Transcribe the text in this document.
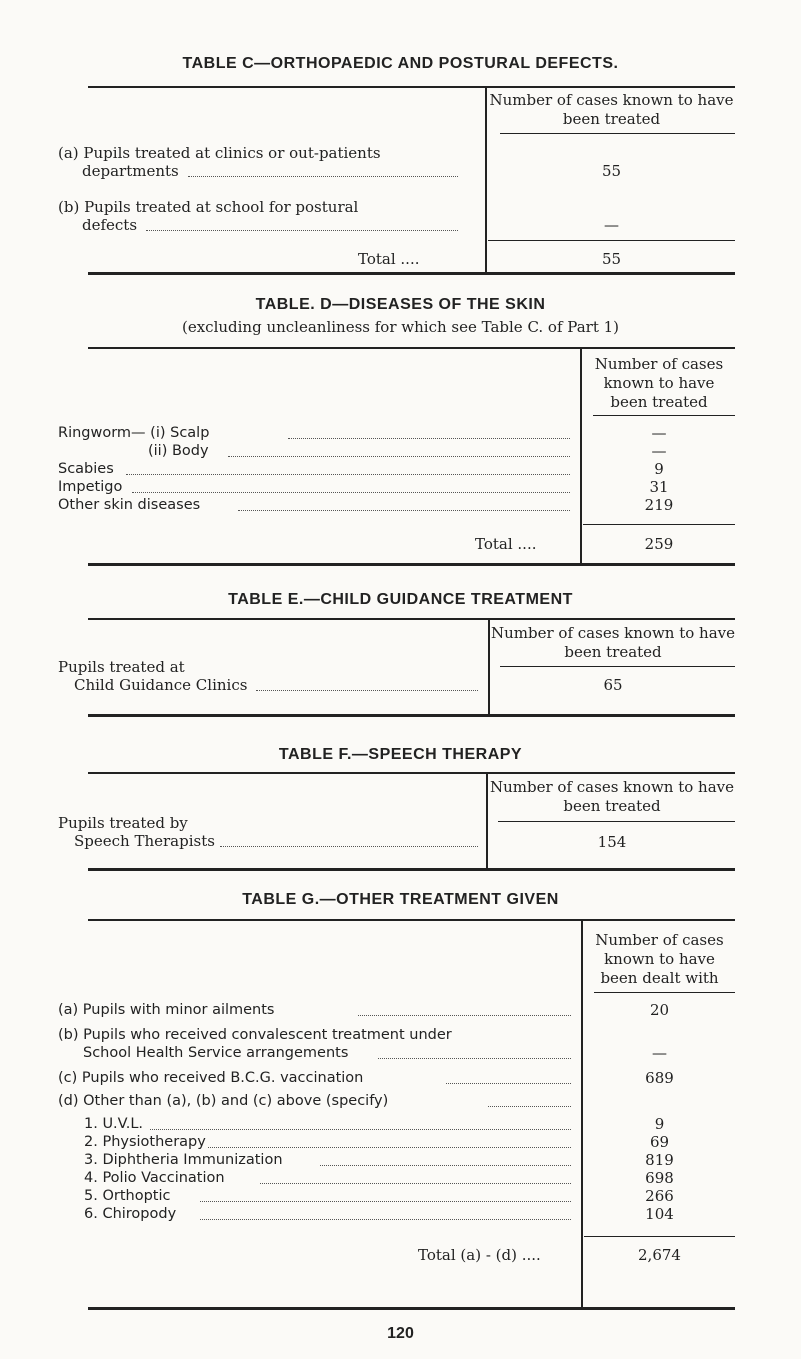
TABLE C—ORTHOPAEDIC AND POSTURAL DEFECTS.
Number of cases known to have been treated
(a) Pupils treated at clinics or out-patients
departments	55
(b) Pupils treated at school for postural
defects	—
Total ....	55
TABLE. D—DISEASES OF THE SKIN
(excluding uncleanliness for which see Table C. of Part 1)
Number of cases known to have been treated
Ringworm— (i) Scalp	—
(ii) Body	—
Scabies	9
Impetigo	31
Other skin diseases	219
Total ....	259
TABLE E.—CHILD GUIDANCE TREATMENT
Number of cases known to have been treated
Pupils treated at
Child Guidance Clinics	65
TABLE F.—SPEECH THERAPY
Number of cases known to have been treated
Pupils treated by
Speech Therapists	154
TABLE G.—OTHER TREATMENT GIVEN
Number of cases known to have been dealt with
(a) Pupils with minor ailments	20
(b) Pupils who received convalescent treatment under
School Health Service arrangements	—
(c) Pupils who received B.C.G. vaccination	689
(d) Other than (a), (b) and (c) above (specify)
1. U.V.L.	9
2. Physiotherapy	69
3. Diphtheria Immunization	819
4. Polio Vaccination	698
5. Orthoptic	266
6. Chiropody	104
Total (a) - (d) ....	2,674
120
